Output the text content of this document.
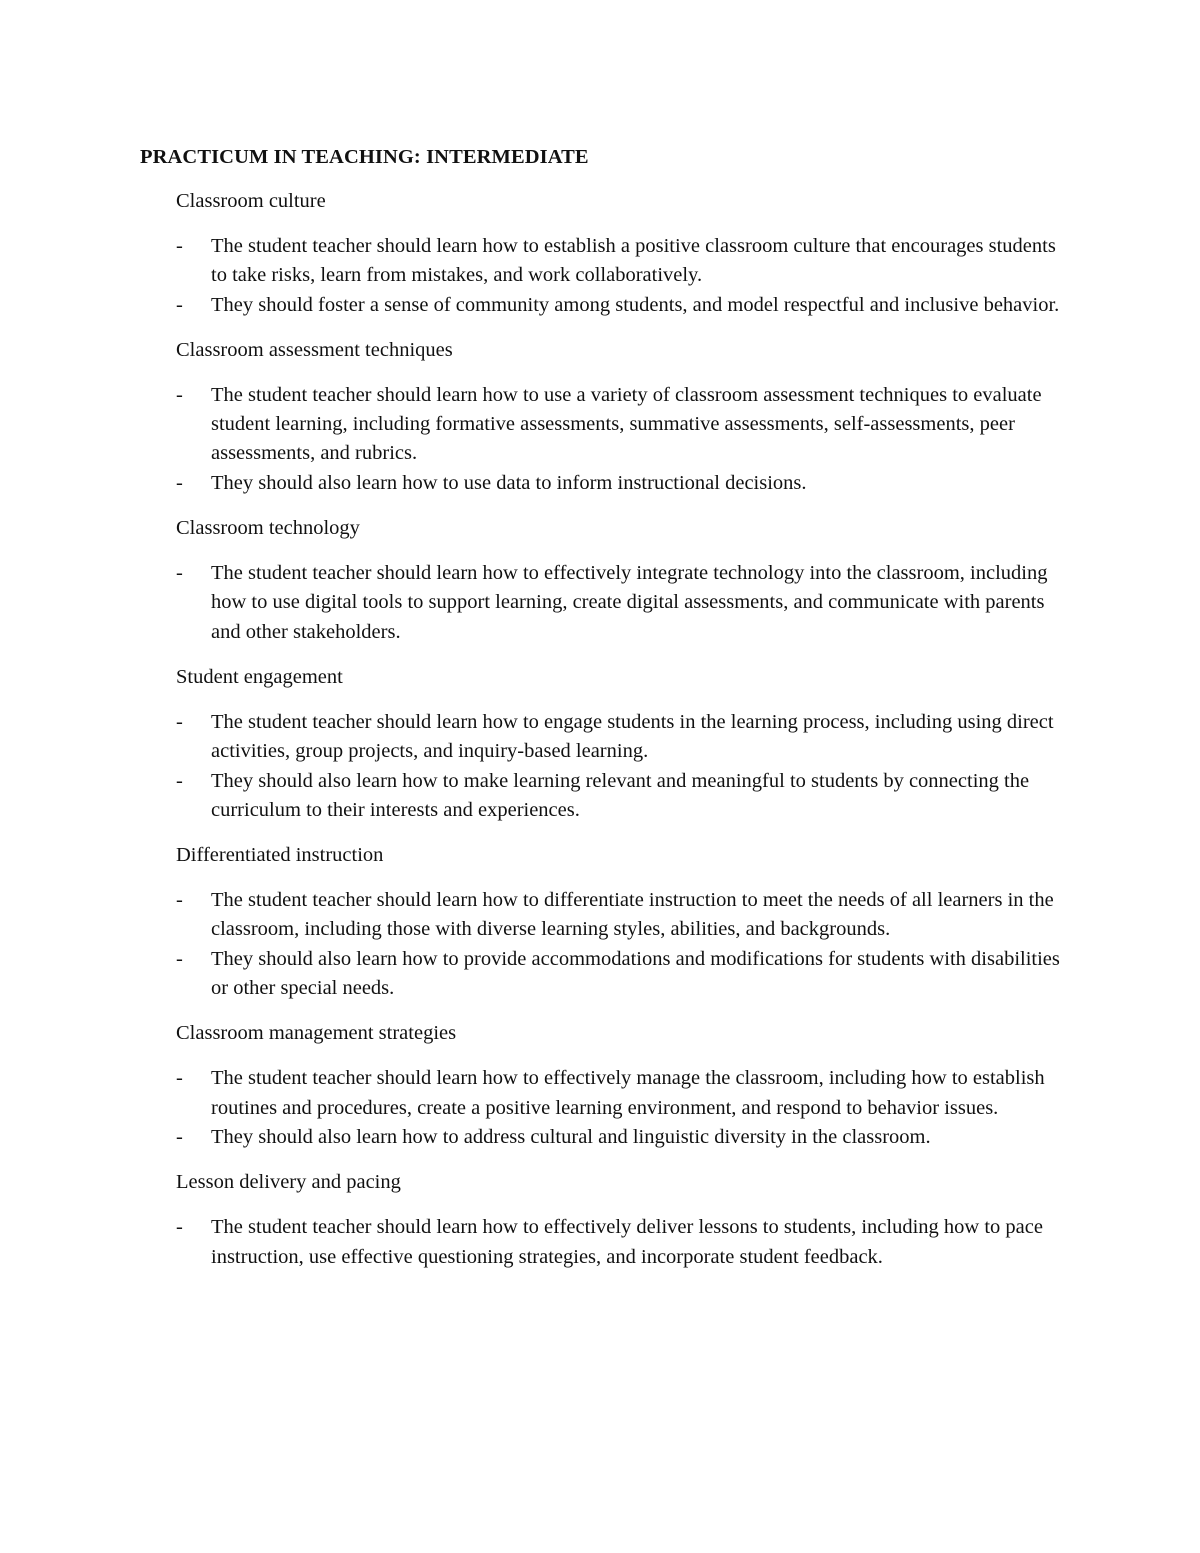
PRACTICUM IN TEACHING: INTERMEDIATE
Classroom culture
-	The student teacher should learn how to establish a positive classroom culture that encourages students to take risks, learn from mistakes, and work collaboratively.
-	They should foster a sense of community among students, and model respectful and inclusive behavior.
Classroom assessment techniques
-	The student teacher should learn how to use a variety of classroom assessment techniques to evaluate student learning, including formative assessments, summative assessments, self-assessments, peer assessments, and rubrics.
-	They should also learn how to use data to inform instructional decisions.
Classroom technology
-	The student teacher should learn how to effectively integrate technology into the classroom, including how to use digital tools to support learning, create digital assessments, and communicate with parents and other stakeholders.
Student engagement
-	The student teacher should learn how to engage students in the learning process, including using direct activities, group projects, and inquiry-based learning.
-	They should also learn how to make learning relevant and meaningful to students by connecting the curriculum to their interests and experiences.
Differentiated instruction
-	The student teacher should learn how to differentiate instruction to meet the needs of all learners in the classroom, including those with diverse learning styles, abilities, and backgrounds.
-	They should also learn how to provide accommodations and modifications for students with disabilities or other special needs.
Classroom management strategies
-	The student teacher should learn how to effectively manage the classroom, including how to establish routines and procedures, create a positive learning environment, and respond to behavior issues.
-	They should also learn how to address cultural and linguistic diversity in the classroom.
Lesson delivery and pacing
-	The student teacher should learn how to effectively deliver lessons to students, including how to pace instruction, use effective questioning strategies, and incorporate student feedback.
